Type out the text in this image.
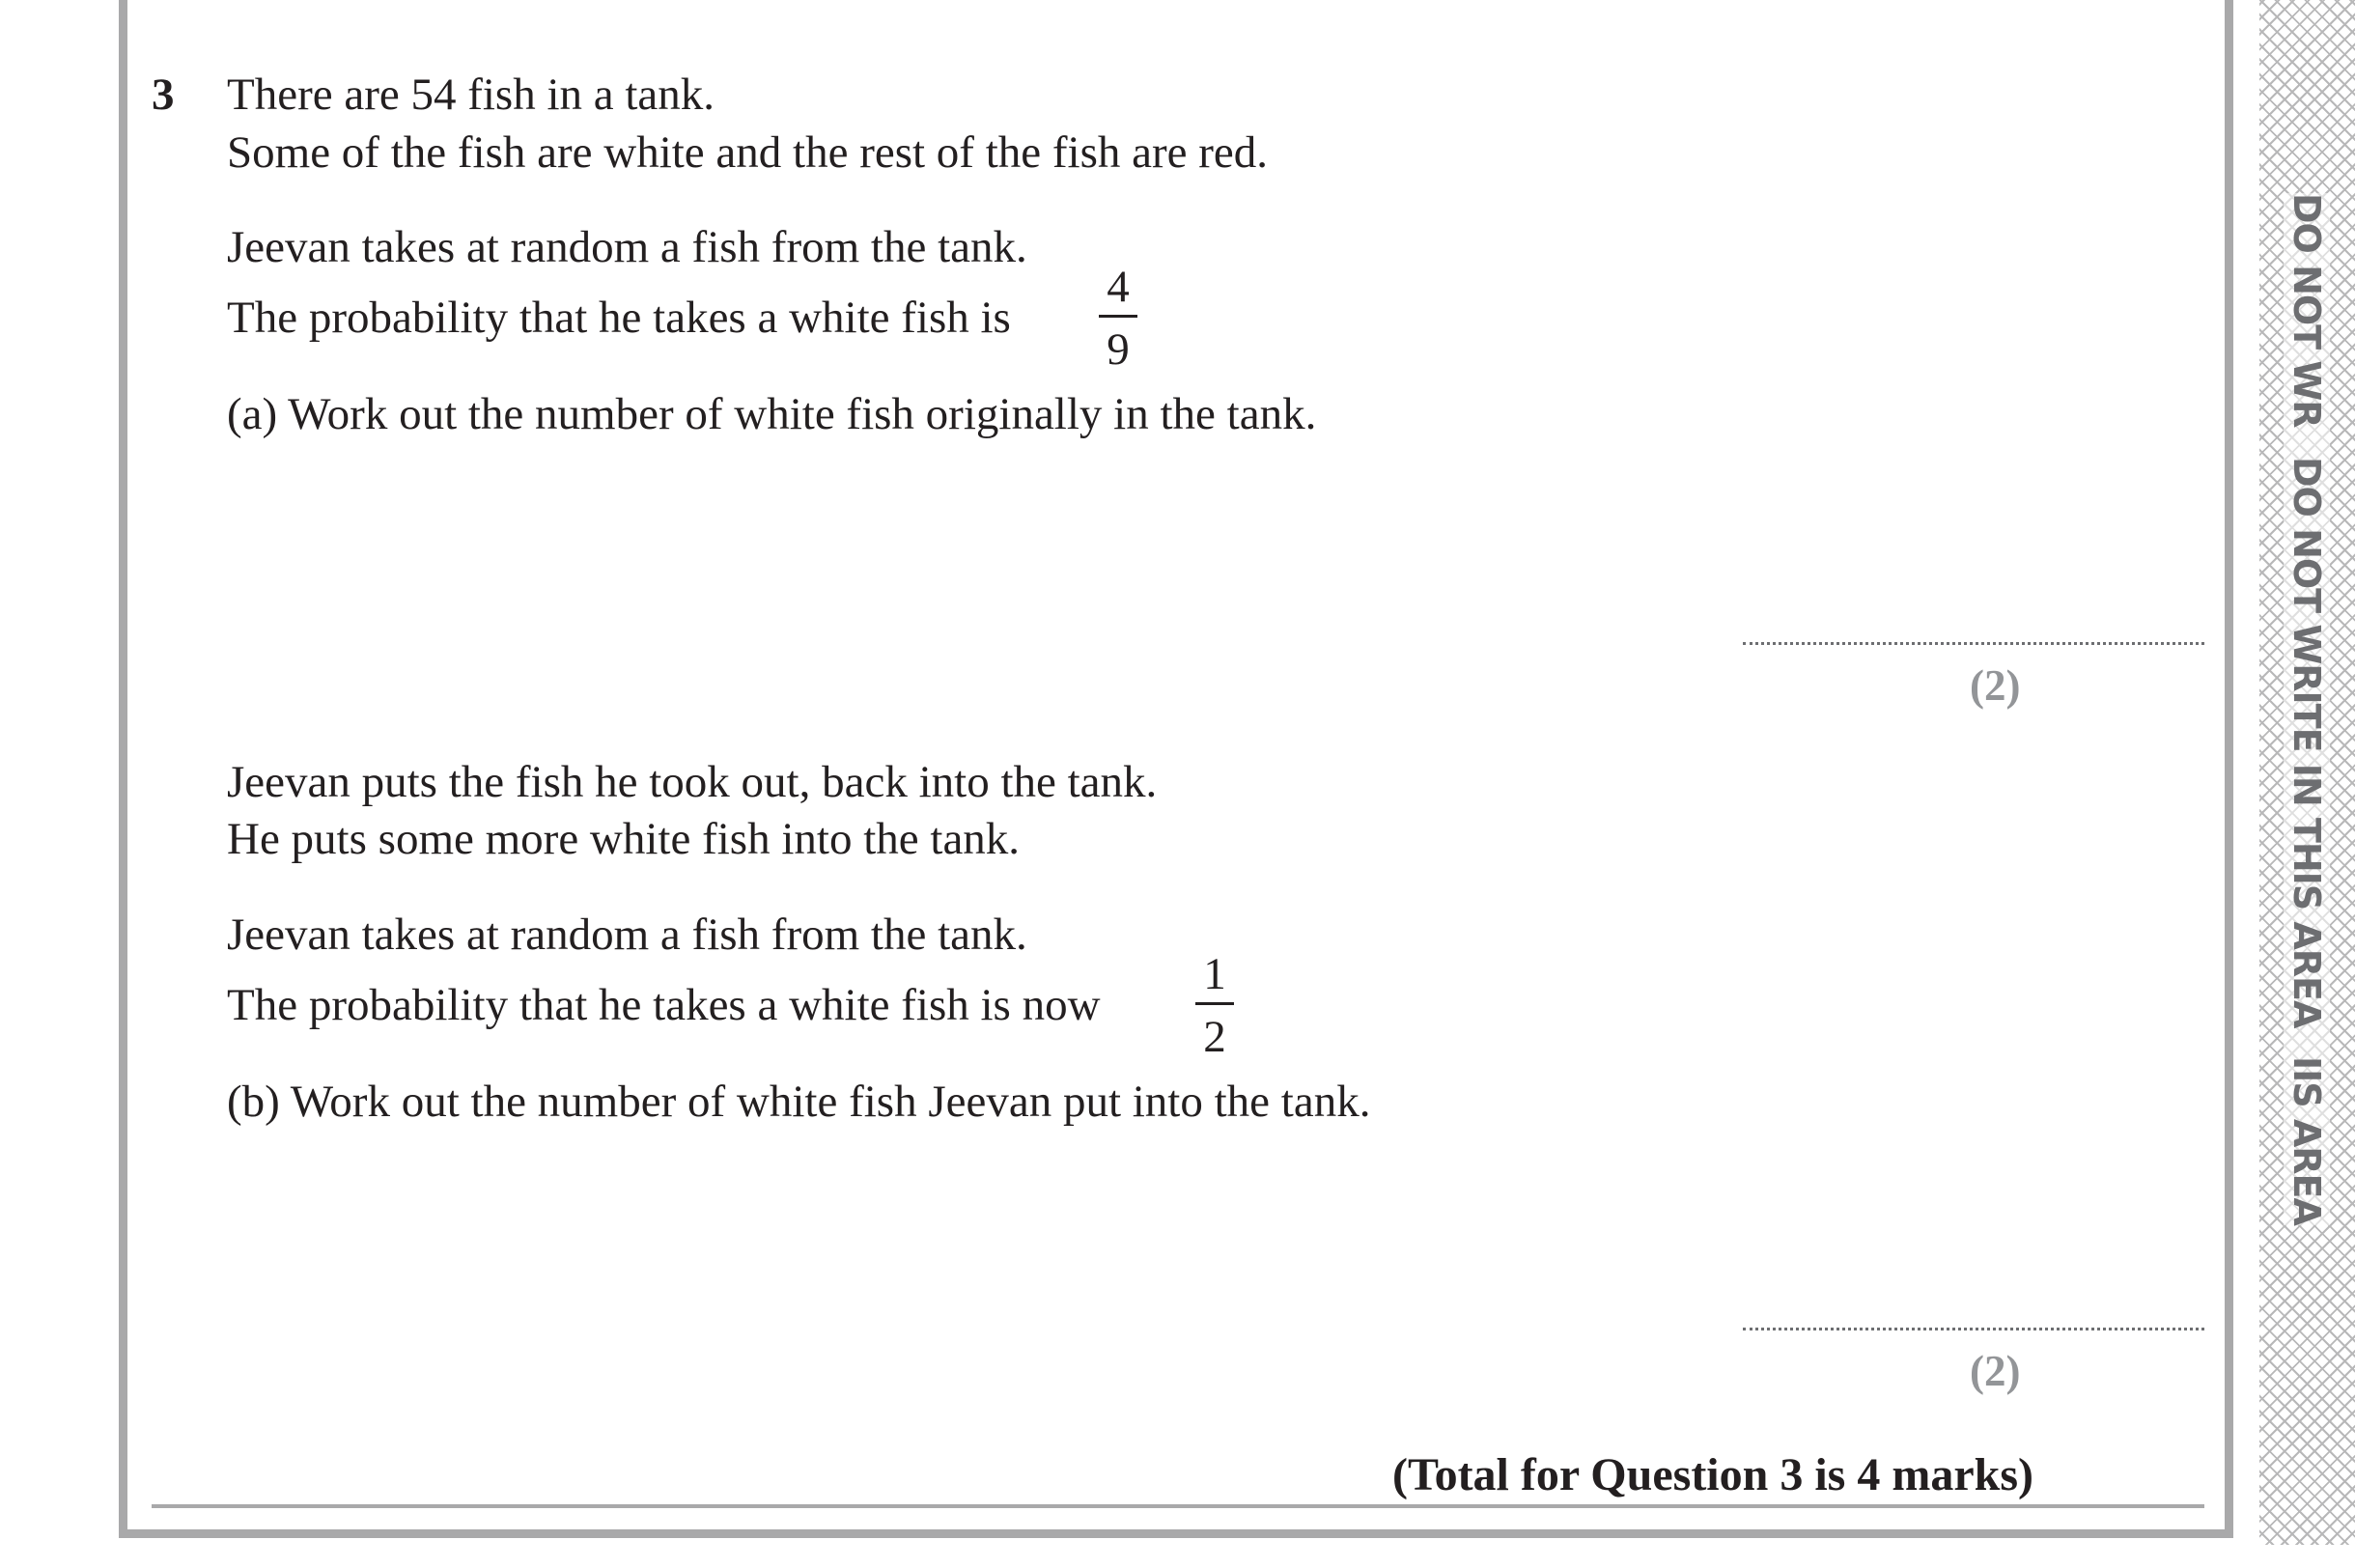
3 There are 54 fish in a tank.
Some of the fish are white and the rest of the fish are red.
Jeevan takes at random a fish from the tank.
The probability that he takes a white fish is
4
9
(a) Work out the number of white fish originally in the tank.
(2)
Jeevan puts the fish he took out, back into the tank.
He puts some more white fish into the tank.
Jeevan takes at random a fish from the tank.
The probability that he takes a white fish is now
1
2
(b) Work out the number of white fish Jeevan put into the tank.
(2)
(Total for Question 3 is 4 marks)
DO NOT WRDO NOT WRITE IN THIS AREAIIS AREA
